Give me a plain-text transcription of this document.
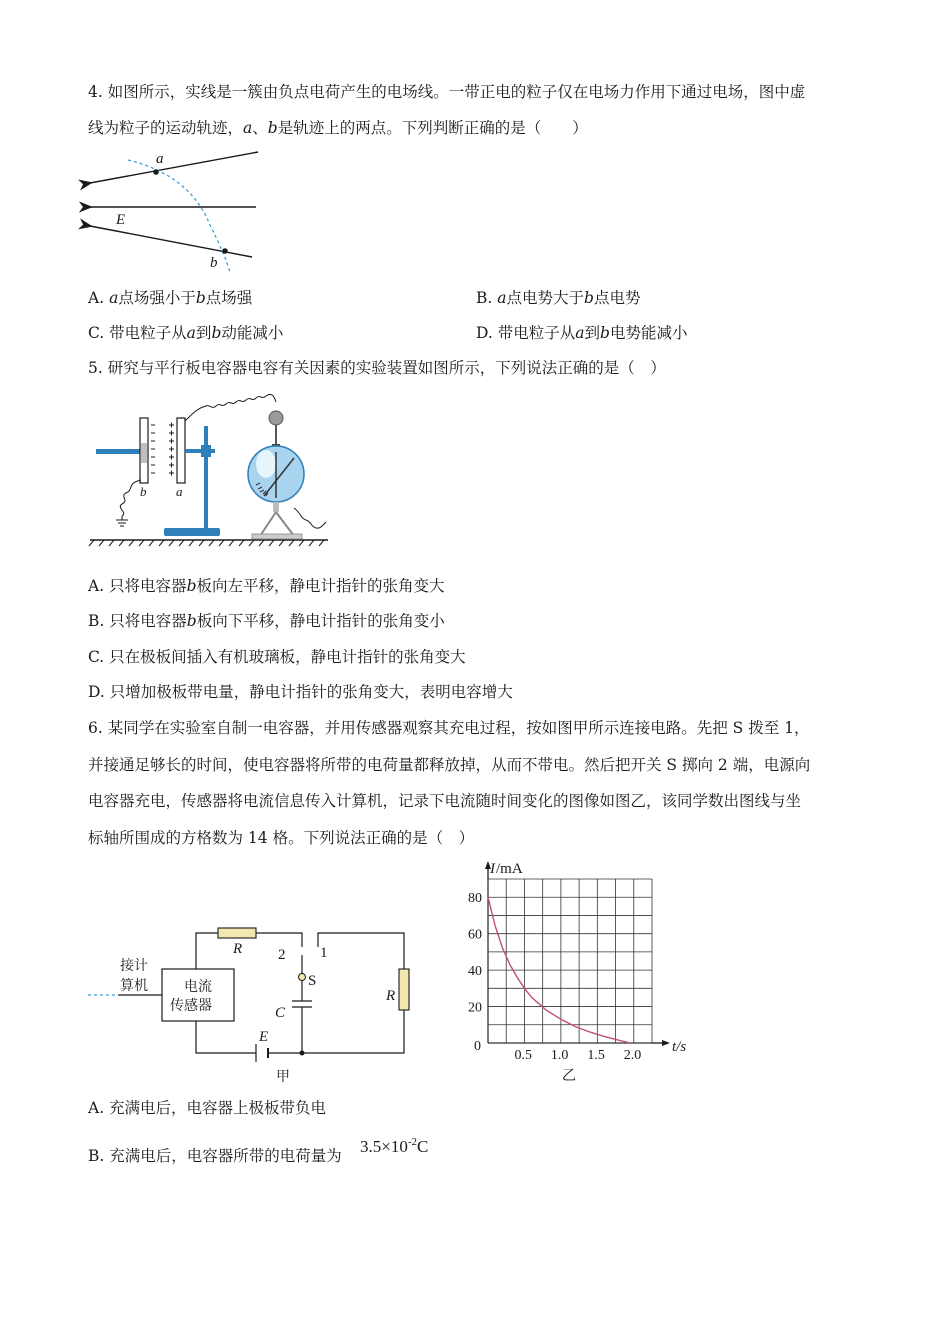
4. 如图所示，实线是一簇由负点电荷产生的电场线。一带正电的粒子仅在电场力作用下通过电场，图中虚
线为粒子的运动轨迹，a、b是轨迹上的两点。下列判断正确的是（　　）
a
b
E
A. a点场强小于b点场强	B. a点电势大于b点电势
C. 带电粒子从a到b动能减小	D. 带电粒子从a到b电势能减小
5. 研究与平行板电容器电容有关因素的实验装置如图所示，下列说法正确的是（　）
b a
A. 只将电容器b板向左平移，静电计指针的张角变大
B. 只将电容器b板向下平移，静电计指针的张角变小
C. 只在极板间插入有机玻璃板，静电计指针的张角变大
D. 只增加极板带电量，静电计指针的张角变大，表明电容增大
6. 某同学在实验室自制一电容器，并用传感器观察其充电过程，按如图甲所示连接电路。先把 S 拨至 1，
并接通足够长的时间，使电容器将所带的电荷量都释放掉，从而不带电。然后把开关 S 掷向 2 端，电源向
电容器充电，传感器将电流信息传入计算机，记录下电流随时间变化的图像如图乙，该同学数出图线与坐
标轴所围成的方格数为 14 格。下列说法正确的是（　）
R 2 1
S
C
R
E
接计
算机	电流
传感器
甲
0.5 1.0 1.5 2.0
80
60
40
20
I/mA
t/s
0
乙
A. 充满电后，电容器上极板带负电
B. 充满电后，电容器所带的电荷量为 $3.5\times 10^{-2}C$
